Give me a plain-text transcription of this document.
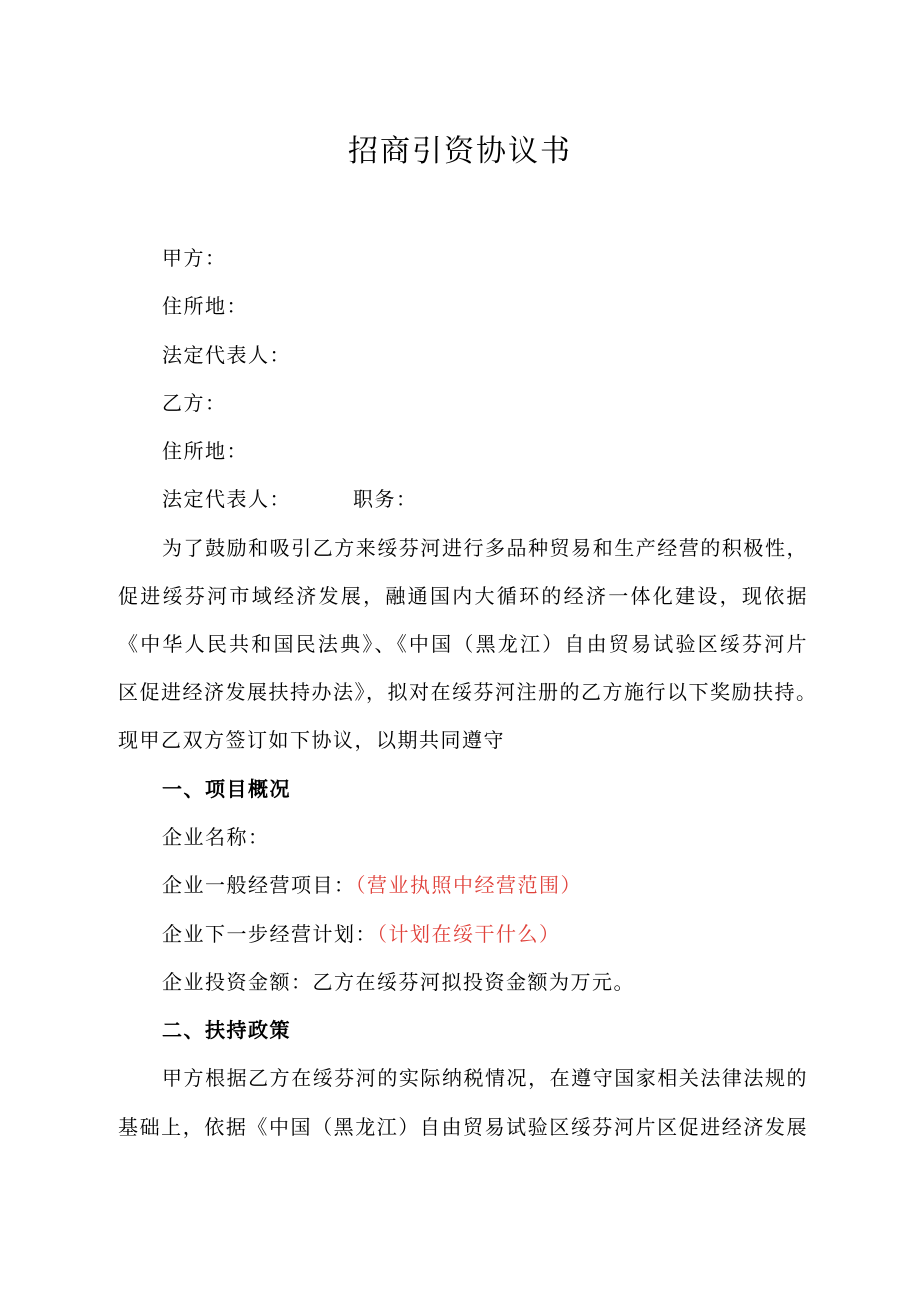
招商引资协议书
甲方：
住所地：
法定代表人：
乙方：
住所地：
法定代表人：	职务：
为了鼓励和吸引乙方来绥芬河进行多品种贸易和生产经营的积极性，
促进绥芬河市域经济发展，融通国内大循环的经济一体化建设，现依据
《中华人民共和国民法典》、《中国（黑龙江）自由贸易试验区绥芬河片
区促进经济发展扶持办法》，拟对在绥芬河注册的乙方施行以下奖励扶持。
现甲乙双方签订如下协议，以期共同遵守
一、项目概况
企业名称：
企业一般经营项目：（营业执照中经营范围）
企业下一步经营计划：（计划在绥干什么）
企业投资金额：乙方在绥芬河拟投资金额为万元。
二、扶持政策
甲方根据乙方在绥芬河的实际纳税情况，在遵守国家相关法律法规的
基础上，依据《中国（黑龙江）自由贸易试验区绥芬河片区促进经济发展
